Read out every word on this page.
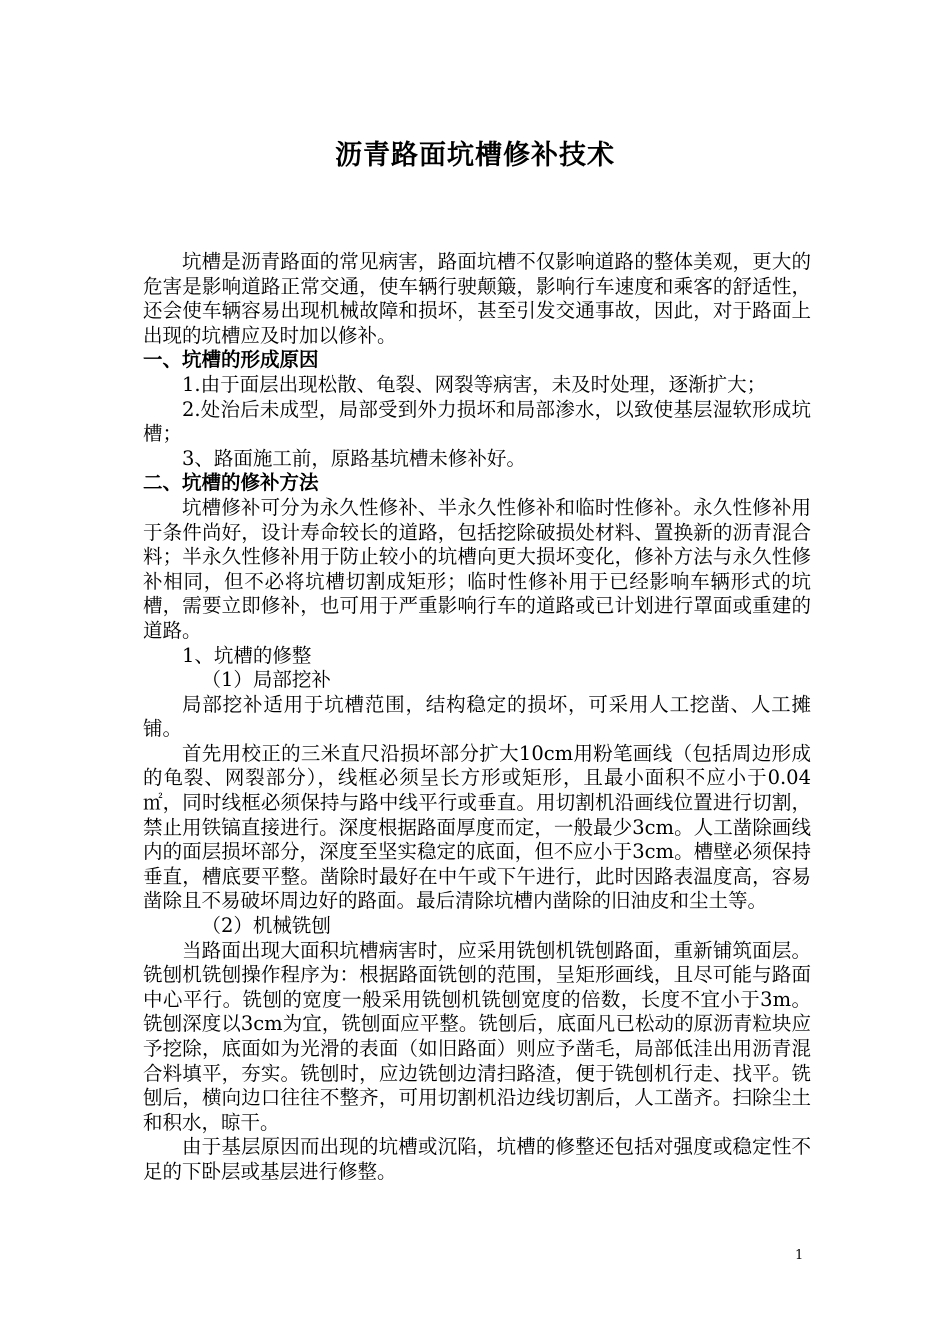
沥青路面坑槽修补技术

坑槽是沥青路面的常见病害，路面坑槽不仅影响道路的整体美观，更大的危害是影响道路正常交通，使车辆行驶颠簸，影响行车速度和乘客的舒适性，还会使车辆容易出现机械故障和损坏，甚至引发交通事故，因此，对于路面上出现的坑槽应及时加以修补。

一、坑槽的形成原因

1.由于面层出现松散、龟裂、网裂等病害，未及时处理，逐渐扩大；

2.处治后未成型，局部受到外力损坏和局部渗水，以致使基层湿软形成坑槽；

3、路面施工前，原路基坑槽未修补好。

二、坑槽的修补方法

坑槽修补可分为永久性修补、半永久性修补和临时性修补。永久性修补用于条件尚好，设计寿命较长的道路，包括挖除破损处材料、置换新的沥青混合料；半永久性修补用于防止较小的坑槽向更大损坏变化，修补方法与永久性修补相同，但不必将坑槽切割成矩形；临时性修补用于已经影响车辆形式的坑槽，需要立即修补，也可用于严重影响行车的道路或已计划进行罩面或重建的道路。

1、坑槽的修整

（1）局部挖补

局部挖补适用于坑槽范围，结构稳定的损坏，可采用人工挖凿、人工摊铺。

首先用校正的三米直尺沿损坏部分扩大10cm用粉笔画线（包括周边形成的龟裂、网裂部分），线框必须呈长方形或矩形，且最小面积不应小于0.04 ㎡，同时线框必须保持与路中线平行或垂直。用切割机沿画线位置进行切割，禁止用铁镐直接进行。深度根据路面厚度而定，一般最少3cm。人工凿除画线内的面层损坏部分，深度至坚实稳定的底面，但不应小于3cm。槽壁必须保持垂直，槽底要平整。凿除时最好在中午或下午进行，此时因路表温度高，容易凿除且不易破坏周边好的路面。最后清除坑槽内凿除的旧油皮和尘土等。

（2）机械铣刨

当路面出现大面积坑槽病害时，应采用铣刨机铣刨路面，重新铺筑面层。铣刨机铣刨操作程序为：根据路面铣刨的范围，呈矩形画线，且尽可能与路面中心平行。铣刨的宽度一般采用铣刨机铣刨宽度的倍数，长度不宜小于3m。铣刨深度以3cm为宜，铣刨面应平整。铣刨后，底面凡已松动的原沥青粒块应予挖除，底面如为光滑的表面（如旧路面）则应予凿毛，局部低洼出用沥青混合料填平，夯实。铣刨时，应边铣刨边清扫路渣，便于铣刨机行走、找平。铣刨后，横向边口往往不整齐，可用切割机沿边线切割后，人工凿齐。扫除尘土和积水，晾干。

由于基层原因而出现的坑槽或沉陷，坑槽的修整还包括对强度或稳定性不足的下卧层或基层进行修整。

1
